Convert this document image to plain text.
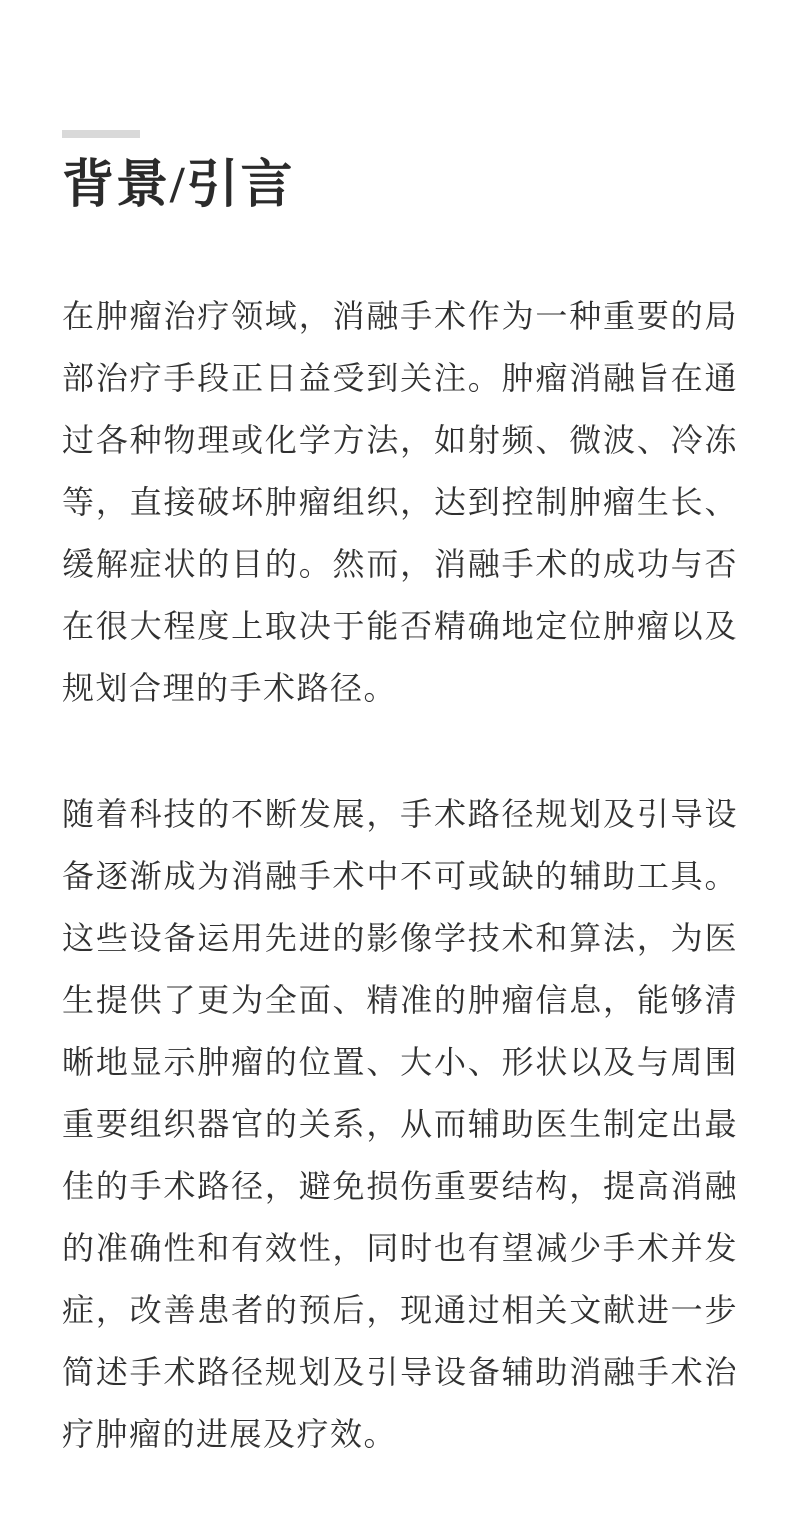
背景/引言

在肿瘤治疗领域，消融手术作为一种重要的局部治疗手段正日益受到关注。肿瘤消融旨在通过各种物理或化学方法，如射频、微波、冷冻等，直接破坏肿瘤组织，达到控制肿瘤生长、缓解症状的目的。然而，消融手术的成功与否在很大程度上取决于能否精确地定位肿瘤以及规划合理的手术路径。

随着科技的不断发展，手术路径规划及引导设备逐渐成为消融手术中不可或缺的辅助工具。这些设备运用先进的影像学技术和算法，为医生提供了更为全面、精准的肿瘤信息，能够清晰地显示肿瘤的位置、大小、形状以及与周围重要组织器官的关系，从而辅助医生制定出最佳的手术路径，避免损伤重要结构，提高消融的准确性和有效性，同时也有望减少手术并发症，改善患者的预后，现通过相关文献进一步简述手术路径规划及引导设备辅助消融手术治疗肿瘤的进展及疗效。
